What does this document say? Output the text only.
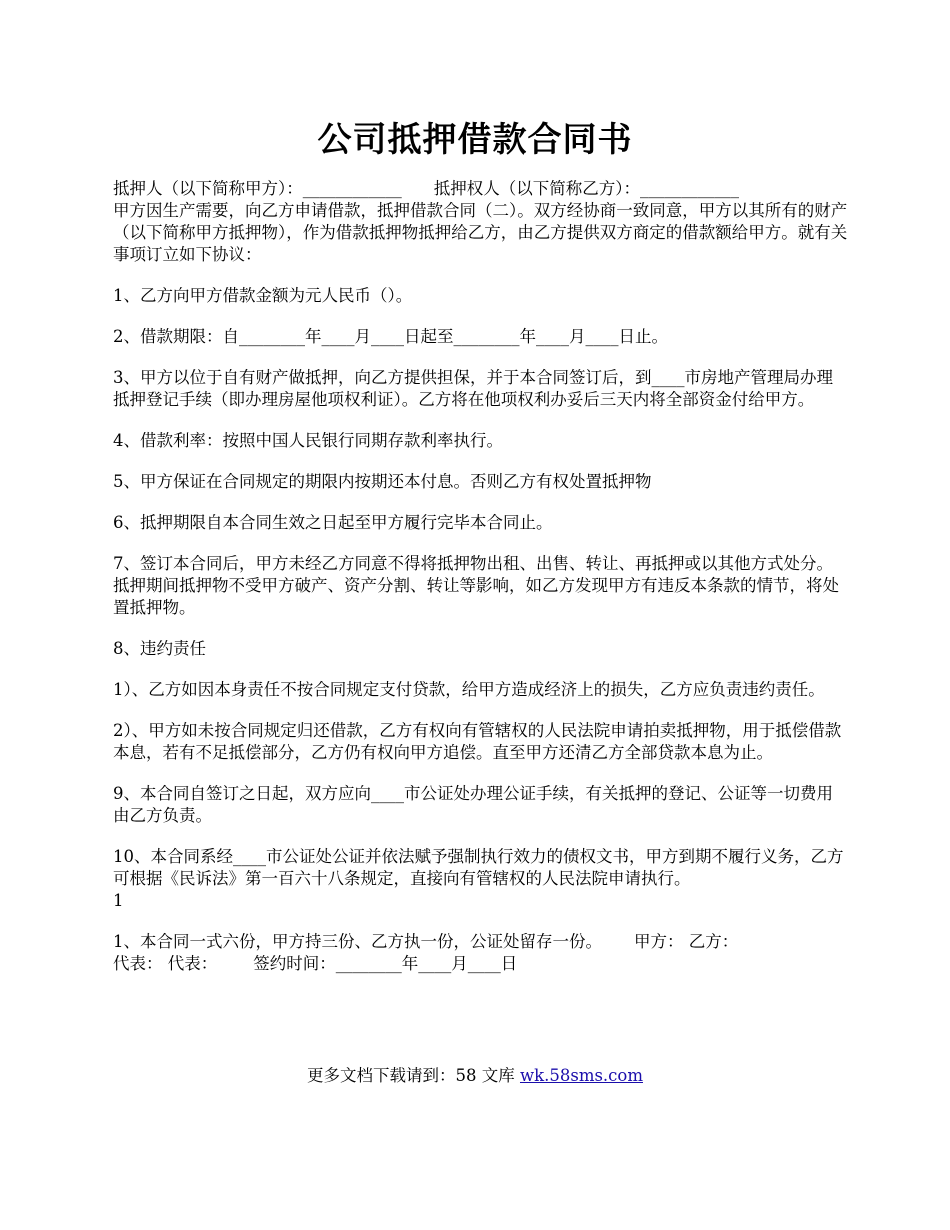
公司抵押借款合同书

抵押人（以下简称甲方）：____________ 抵押权人（以下简称乙方）：____________

甲方因生产需要，向乙方申请借款，抵押借款合同（二）。双方经协商一致同意，甲方以其所有的财产（以下简称甲方抵押物），作为借款抵押物抵押给乙方，由乙方提供双方商定的借款额给甲方。就有关事项订立如下协议：

1、乙方向甲方借款金额为元人民币（）。

2、借款期限：自________年____月____日起至________年____月____日止。

3、甲方以位于自有财产做抵押，向乙方提供担保，并于本合同签订后，到____市房地产管理局办理抵押登记手续（即办理房屋他项权利证）。乙方将在他项权利办妥后三天内将全部资金付给甲方。

4、借款利率：按照中国人民银行同期存款利率执行。

5、甲方保证在合同规定的期限内按期还本付息。否则乙方有权处置抵押物

6、抵押期限自本合同生效之日起至甲方履行完毕本合同止。

7、签订本合同后，甲方未经乙方同意不得将抵押物出租、出售、转让、再抵押或以其他方式处分。抵押期间抵押物不受甲方破产、资产分割、转让等影响，如乙方发现甲方有违反本条款的情节，将处置抵押物。

8、违约责任

1）、乙方如因本身责任不按合同规定支付贷款，给甲方造成经济上的损失，乙方应负责违约责任。

2）、甲方如未按合同规定归还借款，乙方有权向有管辖权的人民法院申请拍卖抵押物，用于抵偿借款本息，若有不足抵偿部分，乙方仍有权向甲方追偿。直至甲方还清乙方全部贷款本息为止。

9、本合同自签订之日起，双方应向____市公证处办理公证手续，有关抵押的登记、公证等一切费用由乙方负责。

10、本合同系经____市公证处公证并依法赋予强制执行效力的债权文书，甲方到期不履行义务，乙方可根据《民诉法》第一百六十八条规定，直接向有管辖权的人民法院申请执行。

1

1、本合同一式六份，甲方持三份、乙方执一份，公证处留存一份。 甲方： 乙方：

代表： 代表： 签约时间：________年____月____日

更多文档下载请到：58 文库 wk.58sms.com
